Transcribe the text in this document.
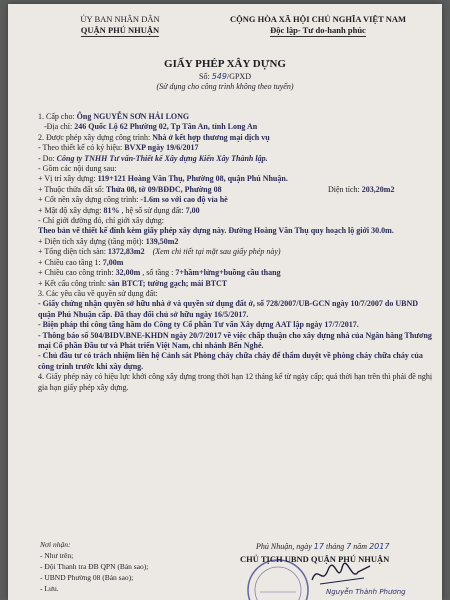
ỦY BAN NHÂN DÂN
QUẬN PHÚ NHUẬN
CỘNG HÒA XÃ HỘI CHỦ NGHĨA VIỆT NAM
Độc lập- Tư do-hanh phúc
GIẤY PHÉP XÂY DỰNG
Số: 549/GPXD
(Sử dụng cho công trình không theo tuyến)
1. Cấp cho: Ông NGUYỄN SƠN HẢI LONG
-Địa chỉ: 246 Quốc Lộ 62 Phường 02, Tp Tân An, tỉnh Long An
2. Được phép xây dựng công trình: Nhà ở kết hợp thương mại dịch vụ
- Theo thiết kế có ký hiệu: BVXP ngày 19/6/2017
- Do: Công ty TNHH Tư vấn-Thiết kế Xây dựng Kiến Xây Thành lập.
- Gồm các nội dung sau:
+ Vị trí xây dựng: 119+121 Hoàng Văn Thụ, Phường 08, quận Phú Nhuận.
+ Thuộc thửa đất số: Thửa 08, tờ 09/BĐĐC, Phường 08	Diện tích: 203,20m2
+ Cốt nền xây dựng công trình: -1.6m so với cao độ vỉa hè
+ Mật độ xây dựng: 81% , hệ số sử dụng đất: 7,00
- Chỉ giới đường đỏ, chỉ giới xây dựng:
Theo bản vẽ thiết kế đính kèm giấy phép xây dựng này. Đường Hoàng Văn Thụ quy hoạch lộ giới 30.0m.
+ Diện tích xây dựng (tầng một): 139,50m2
+ Tổng diện tích sàn: 1372,83m2 (Xem chi tiết tại mặt sau giấy phép này)
+ Chiều cao tầng 1: 7,00m
+ Chiều cao công trình: 32,00m , số tầng : 7+hầm+lửng+buồng cầu thang
+ Kết cấu công trình: sàn BTCT; tường gạch; mái BTCT
3. Các yêu cầu về quyền sử dụng đất:
- Giấy chứng nhận quyền sở hữu nhà ở và quyền sử dụng đất ở, số 728/2007/UB-GCN ngày 10/7/2007 do UBND quận Phú Nhuận cấp. Đã thay đổi chủ sở hữu ngày 16/5/2017.
- Biện pháp thi công tầng hầm do Công ty Cổ phần Tư vấn Xây dựng AAT lập ngày 17/7/2017.
- Thông báo số 504/BIDV.BNE-KHDN ngày 20/7/2017 về việc chấp thuận cho xây dựng nhà của Ngân hàng Thương mại Cổ phần Đầu tư và Phát triển Việt Nam, chi nhánh Bến Nghé.
- Chủ đầu tư có trách nhiệm liên hệ Cảnh sát Phòng cháy chữa cháy để thẩm duyệt về phòng cháy chữa cháy của công trình trước khi xây dựng.
4. Giấy phép này có hiệu lực khởi công xây dựng trong thời hạn 12 tháng kể từ ngày cấp; quá thời hạn trên thì phải đề nghị gia hạn giấy phép xây dựng.
Nơi nhận:
- Như trên;
- Đội Thanh tra ĐB QPN (Bản sao);
- UBND Phường 08 (Bản sao);
- Lưu.
Phú Nhuận, ngày 17 tháng 7 năm 2017
CHỦ TỊCH UBND QUẬN PHÚ NHUẬN
Nguyễn Thành Phương
